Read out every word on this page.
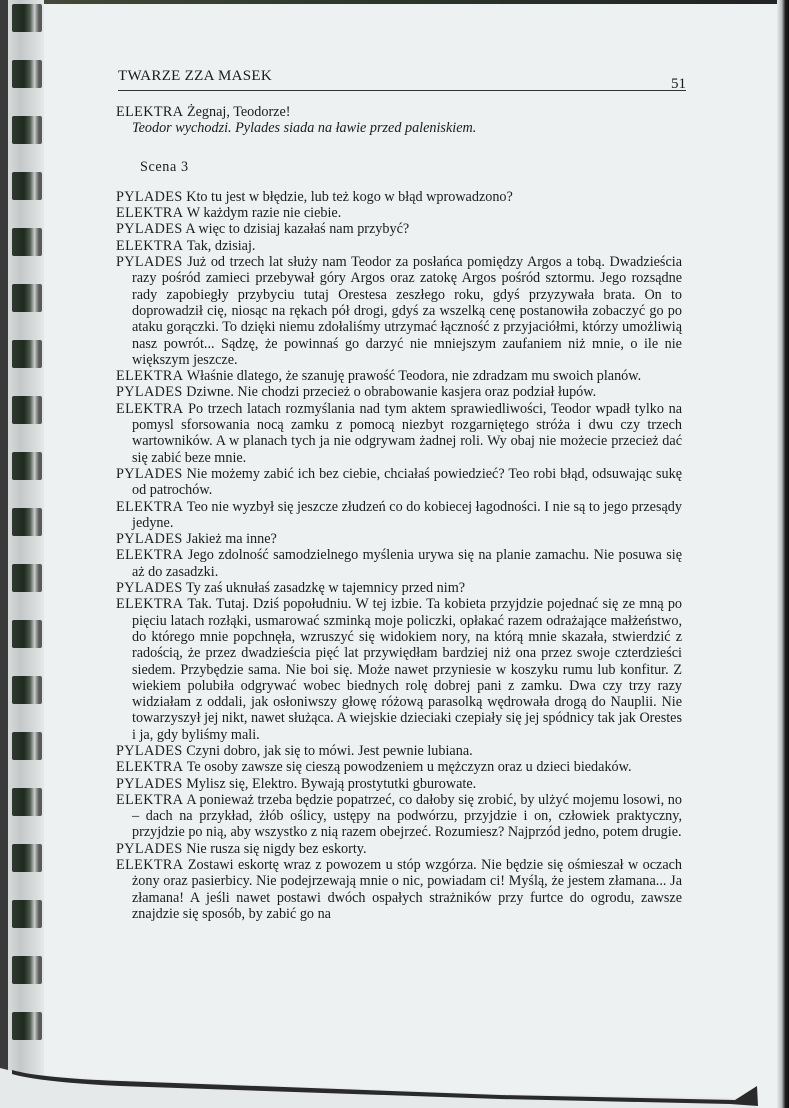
TWARZE ZZA MASEK	51

ELEKTRA Żegnaj, Teodorze!

Teodor wychodzi. Pylades siada na ławie przed paleniskiem.

Scena 3

PYLADES Kto tu jest w błędzie, lub też kogo w błąd wprowadzono?

ELEKTRA W każdym razie nie ciebie.

PYLADES A więc to dzisiaj kazałaś nam przybyć?

ELEKTRA Tak, dzisiaj.

PYLADES Już od trzech lat służy nam Teodor za posłańca pomiędzy Argos a tobą. Dwadzieścia razy pośród zamieci przebywał góry Argos oraz zatokę Argos pośród sztormu. Jego rozsądne rady zapobiegły przybyciu tutaj Orestesa zeszłego roku, gdyś przyzywała brata. On to doprowadził cię, niosąc na rękach pół drogi, gdyś za wszelką cenę postanowiła zobaczyć go po ataku gorączki. To dzięki niemu zdołaliśmy utrzymać łączność z przyjaciółmi, którzy umożliwią nasz powrót... Sądzę, że powinnaś go darzyć nie mniejszym zaufaniem niż mnie, o ile nie większym jeszcze.

ELEKTRA Właśnie dlatego, że szanuję prawość Teodora, nie zdradzam mu swoich planów.

PYLADES Dziwne. Nie chodzi przecież o obrabowanie kasjera oraz podział łupów.

ELEKTRA Po trzech latach rozmyślania nad tym aktem sprawiedliwości, Teodor wpadł tylko na pomysl sforsowania nocą zamku z pomocą niezbyt rozgarniętego stróża i dwu czy trzech wartowników. A w planach tych ja nie odgrywam żadnej roli. Wy obaj nie możecie przecież dać się zabić beze mnie.

PYLADES Nie możemy zabić ich bez ciebie, chciałaś powiedzieć? Teo robi błąd, odsuwając sukę od patrochów.

ELEKTRA Teo nie wyzbył się jeszcze złudzeń co do kobiecej łagodności. I nie są to jego przesądy jedyne.

PYLADES Jakież ma inne?

ELEKTRA Jego zdolność samodzielnego myślenia urywa się na planie zamachu. Nie posuwa się aż do zasadzki.

PYLADES Ty zaś uknułaś zasadzkę w tajemnicy przed nim?

ELEKTRA Tak. Tutaj. Dziś popołudniu. W tej izbie. Ta kobieta przyjdzie pojednać się ze mną po pięciu latach rozłąki, usmarować szminką moje policzki, opłakać razem odrażające małżeństwo, do którego mnie popchnęła, wzruszyć się widokiem nory, na którą mnie skazała, stwierdzić z radością, że przez dwadzieścia pięć lat przywiędłam bardziej niż ona przez swoje czterdzieści siedem. Przybędzie sama. Nie boi się. Może nawet przyniesie w koszyku rumu lub konfitur. Z wiekiem polubiła odgrywać wobec biednych rolę dobrej pani z zamku. Dwa czy trzy razy widziałam z oddali, jak osłoniwszy głowę różową parasolką wędrowała drogą do Nauplii. Nie towarzyszył jej nikt, nawet służąca. A wiejskie dzieciaki czepiały się jej spódnicy tak jak Orestes i ja, gdy byliśmy mali.

PYLADES Czyni dobro, jak się to mówi. Jest pewnie lubiana.

ELEKTRA Te osoby zawsze się cieszą powodzeniem u mężczyzn oraz u dzieci biedaków.

PYLADES Mylisz się, Elektro. Bywają prostytutki gburowate.

ELEKTRA A ponieważ trzeba będzie popatrzeć, co dałoby się zrobić, by ulżyć mojemu losowi, no – dach na przykład, żłób oślicy, ustępy na podwórzu, przyjdzie i on, człowiek praktyczny, przyjdzie po nią, aby wszystko z nią razem obejrzeć. Rozumiesz? Najprzód jedno, potem drugie.

PYLADES Nie rusza się nigdy bez eskorty.

ELEKTRA Zostawi eskortę wraz z powozem u stóp wzgórza. Nie będzie się ośmieszał w oczach żony oraz pasierbicy. Nie podejrzewają mnie o nic, powiadam ci! Myślą, że jestem złamana... Ja złamana! A jeśli nawet postawi dwóch ospałych strażników przy furtce do ogrodu, zawsze znajdzie się sposób, by zabić go na
